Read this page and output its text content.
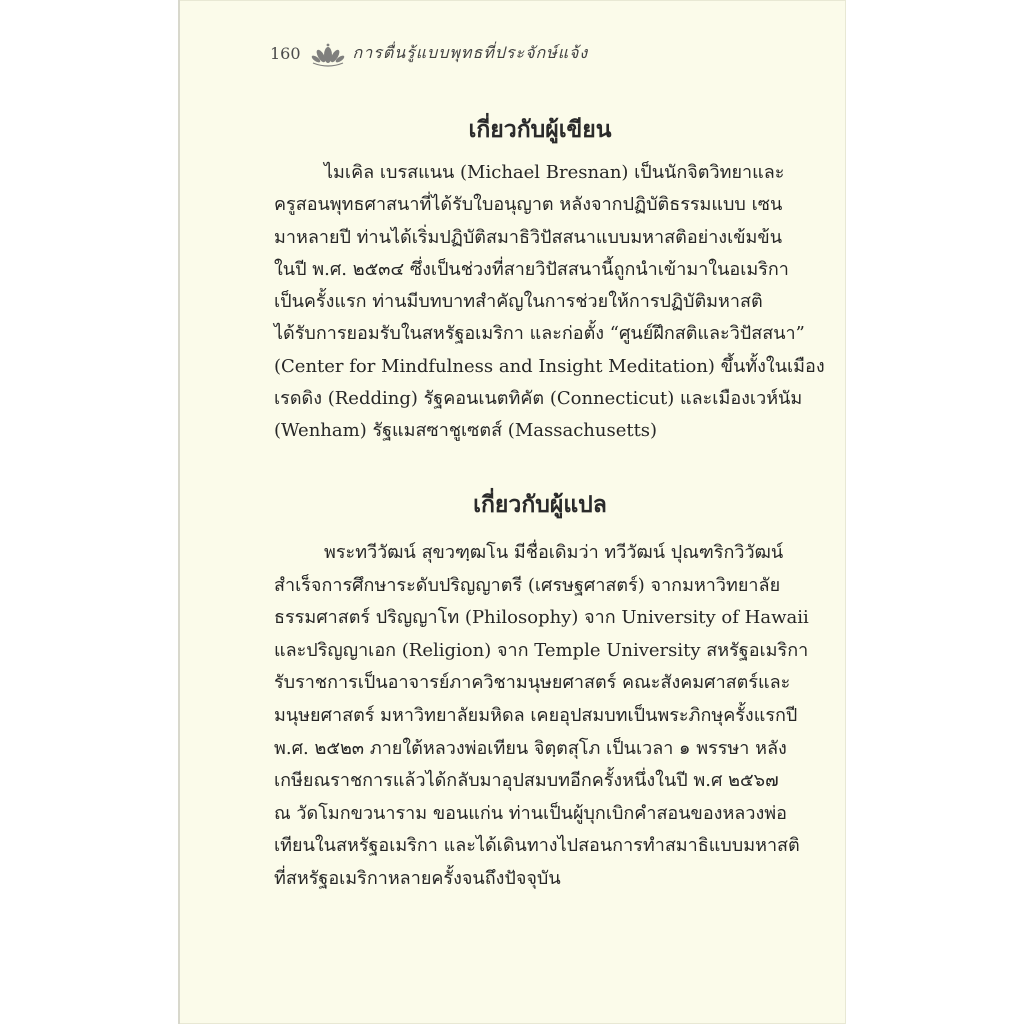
160	การตื่นรู้แบบพุทธที่ประจักษ์แจ้ง
เกี่ยวกับผู้เขียน
ไมเคิล เบรสแนน (Michael Bresnan) เป็นนักจิตวิทยาและ
ครูสอนพุทธศาสนาที่ได้รับใบอนุญาต หลังจากปฏิบัติธรรมแบบ เซน
มาหลายปี ท่านได้เริ่มปฏิบัติสมาธิวิปัสสนาแบบมหาสติอย่างเข้มข้น
ในปี พ.ศ. ๒๕๓๔ ซึ่งเป็นช่วงที่สายวิปัสสนานี้ถูกนำเข้ามาในอเมริกา
เป็นครั้งแรก ท่านมีบทบาทสำคัญในการช่วยให้การปฏิบัติมหาสติ
ได้รับการยอมรับในสหรัฐอเมริกา และก่อตั้ง “ศูนย์ฝึกสติและวิปัสสนา”
(Center for Mindfulness and Insight Meditation) ขึ้นทั้งในเมือง
เรดดิง (Redding) รัฐคอนเนตทิคัต (Connecticut) และเมืองเวห์นัม
(Wenham) รัฐแมสซาชูเซตส์ (Massachusetts)
เกี่ยวกับผู้แปล
พระทวีวัฒน์ สุขวฑฺฒโน มีชื่อเดิมว่า ทวีวัฒน์ ปุณฑริกวิวัฒน์
สำเร็จการศึกษาระดับปริญญาตรี (เศรษฐศาสตร์) จากมหาวิทยาลัย
ธรรมศาสตร์ ปริญญาโท (Philosophy) จาก University of Hawaii
และปริญญาเอก (Religion) จาก Temple University สหรัฐอเมริกา
รับราชการเป็นอาจารย์ภาควิชามนุษยศาสตร์ คณะสังคมศาสตร์และ
มนุษยศาสตร์ มหาวิทยาลัยมหิดล เคยอุปสมบทเป็นพระภิกษุครั้งแรกปี
พ.ศ. ๒๕๒๓ ภายใต้หลวงพ่อเทียน จิตฺตสุโภ เป็นเวลา ๑ พรรษา หลัง
เกษียณราชการแล้วได้กลับมาอุปสมบทอีกครั้งหนึ่งในปี พ.ศ ๒๕๖๗
ณ วัดโมกขวนาราม ขอนแก่น ท่านเป็นผู้บุกเบิกคำสอนของหลวงพ่อ
เทียนในสหรัฐอเมริกา และได้เดินทางไปสอนการทำสมาธิแบบมหาสติ
ที่สหรัฐอเมริกาหลายครั้งจนถึงปัจจุบัน
